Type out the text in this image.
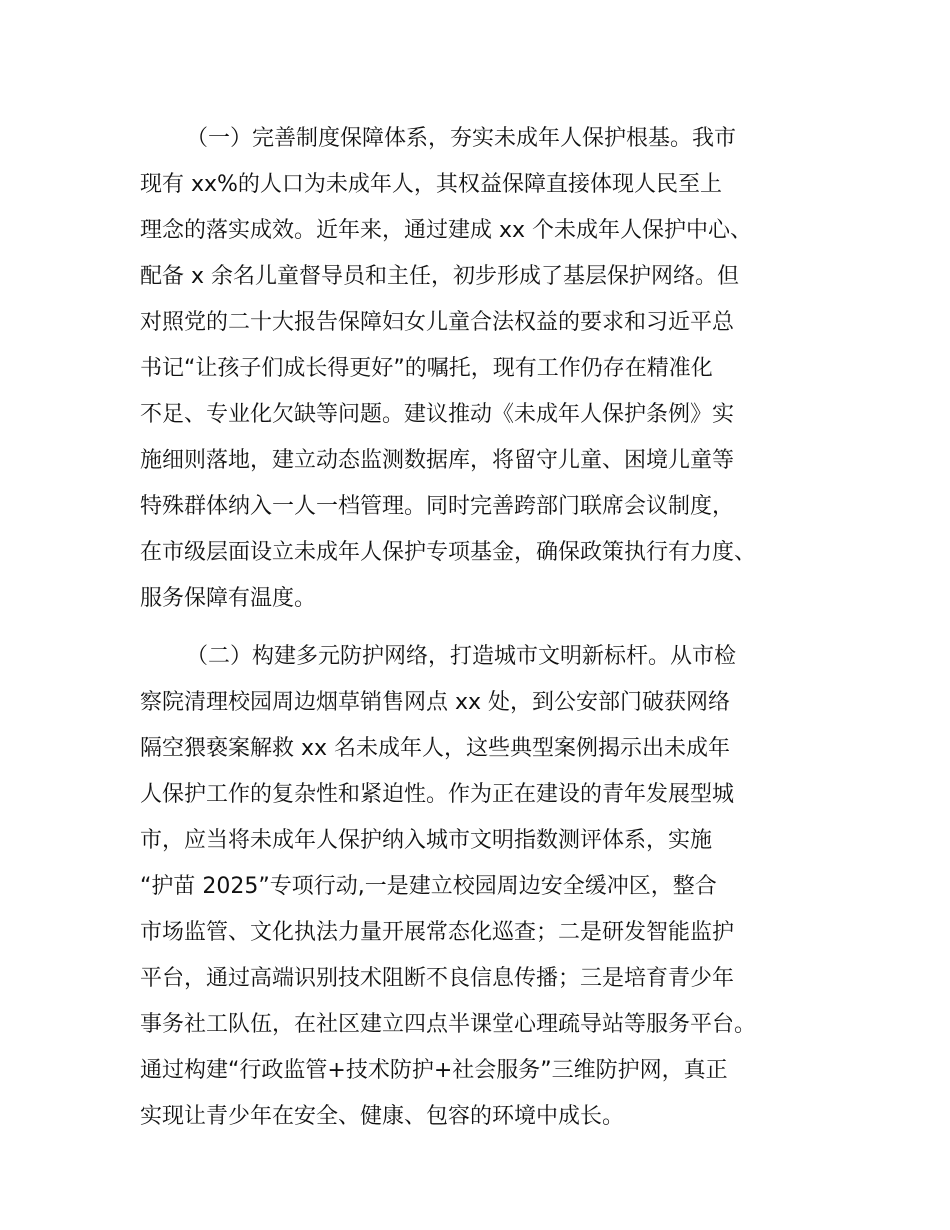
（一）完善制度保障体系，夯实未成年人保护根基。我市

现有 xx%的人口为未成年人，其权益保障直接体现人民至上

理念的落实成效。近年来，通过建成 xx 个未成年人保护中心、

配备 x 余名儿童督导员和主任，初步形成了基层保护网络。但

对照党的二十大报告保障妇女儿童合法权益的要求和习近平总

书记“让孩子们成长得更好”的嘱托，现有工作仍存在精准化

不足、专业化欠缺等问题。建议推动《未成年人保护条例》实

施细则落地，建立动态监测数据库，将留守儿童、困境儿童等

特殊群体纳入一人一档管理。同时完善跨部门联席会议制度，

在市级层面设立未成年人保护专项基金，确保政策执行有力度、

服务保障有温度。

（二）构建多元防护网络，打造城市文明新标杆。从市检

察院清理校园周边烟草销售网点 xx 处，到公安部门破获网络

隔空猥亵案解救 xx 名未成年人，这些典型案例揭示出未成年

人保护工作的复杂性和紧迫性。作为正在建设的青年发展型城

市，应当将未成年人保护纳入城市文明指数测评体系，实施

“护苗 2025”专项行动,一是建立校园周边安全缓冲区，整合

市场监管、文化执法力量开展常态化巡查；二是研发智能监护

平台，通过高端识别技术阻断不良信息传播；三是培育青少年

事务社工队伍，在社区建立四点半课堂心理疏导站等服务平台。

通过构建“行政监管+技术防护+社会服务”三维防护网，真正

实现让青少年在安全、健康、包容的环境中成长。
